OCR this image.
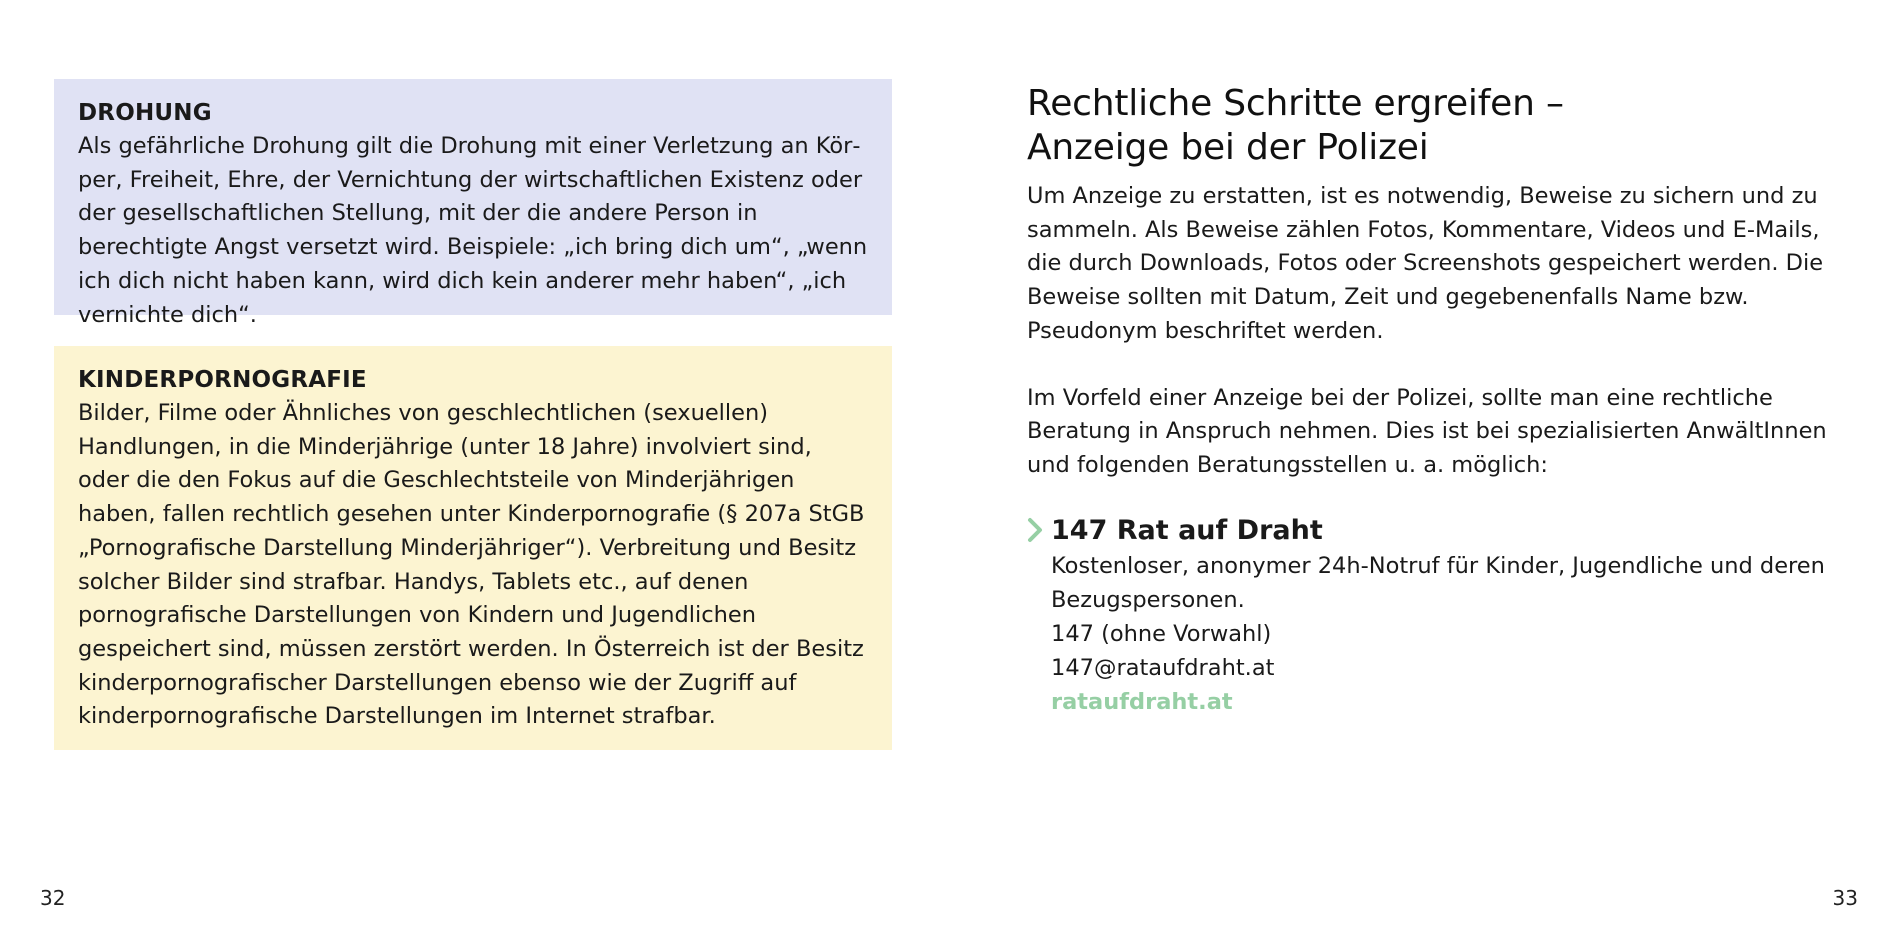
DROHUNG

Als gefährliche Drohung gilt die Drohung mit einer Verletzung an Körper, Freiheit, Ehre, der Vernichtung der wirtschaftlichen Existenz oder der gesellschaftlichen Stellung, mit der die andere Person in berechtigte Angst versetzt wird. Beispiele: „ich bring dich um“, „wenn ich dich nicht haben kann, wird dich kein anderer mehr haben“, „ich vernichte dich“.

KINDERPORNOGRAFIE

Bilder, Filme oder Ähnliches von geschlechtlichen (sexuellen) Handlungen, in die Minderjährige (unter 18 Jahre) involviert sind, oder die den Fokus auf die Geschlechtsteile von Minderjährigen haben, fallen rechtlich gesehen unter Kinderpornografie (§ 207a StGB „Pornografische Darstellung Minderjähriger“). Verbreitung und Besitz solcher Bilder sind strafbar. Handys, Tablets etc., auf denen pornografische Darstellungen von Kindern und Jugendlichen gespeichert sind, müssen zerstört werden. In Österreich ist der Besitz kinderpornografischer Darstellungen ebenso wie der Zugriff auf kinderpornografische Darstellungen im Internet strafbar.

32
Rechtliche Schritte ergreifen –
Anzeige bei der Polizei

Um Anzeige zu erstatten, ist es notwendig, Beweise zu sichern und zu sammeln. Als Beweise zählen Fotos, Kommentare, Videos und E-Mails, die durch Downloads, Fotos oder Screenshots gespeichert werden. Die Beweise sollten mit Datum, Zeit und gegebenenfalls Name bzw. Pseudonym beschriftet werden.

Im Vorfeld einer Anzeige bei der Polizei, sollte man eine rechtliche Beratung in Anspruch nehmen. Dies ist bei spezialisierten AnwältInnen und folgenden Beratungsstellen u. a. möglich:

147 Rat auf Draht

Kostenloser, anonymer 24h-Notruf für Kinder, Jugendliche und deren Bezugspersonen.

147 (ohne Vorwahl)

147@rataufdraht.at

rataufdraht.at
33
